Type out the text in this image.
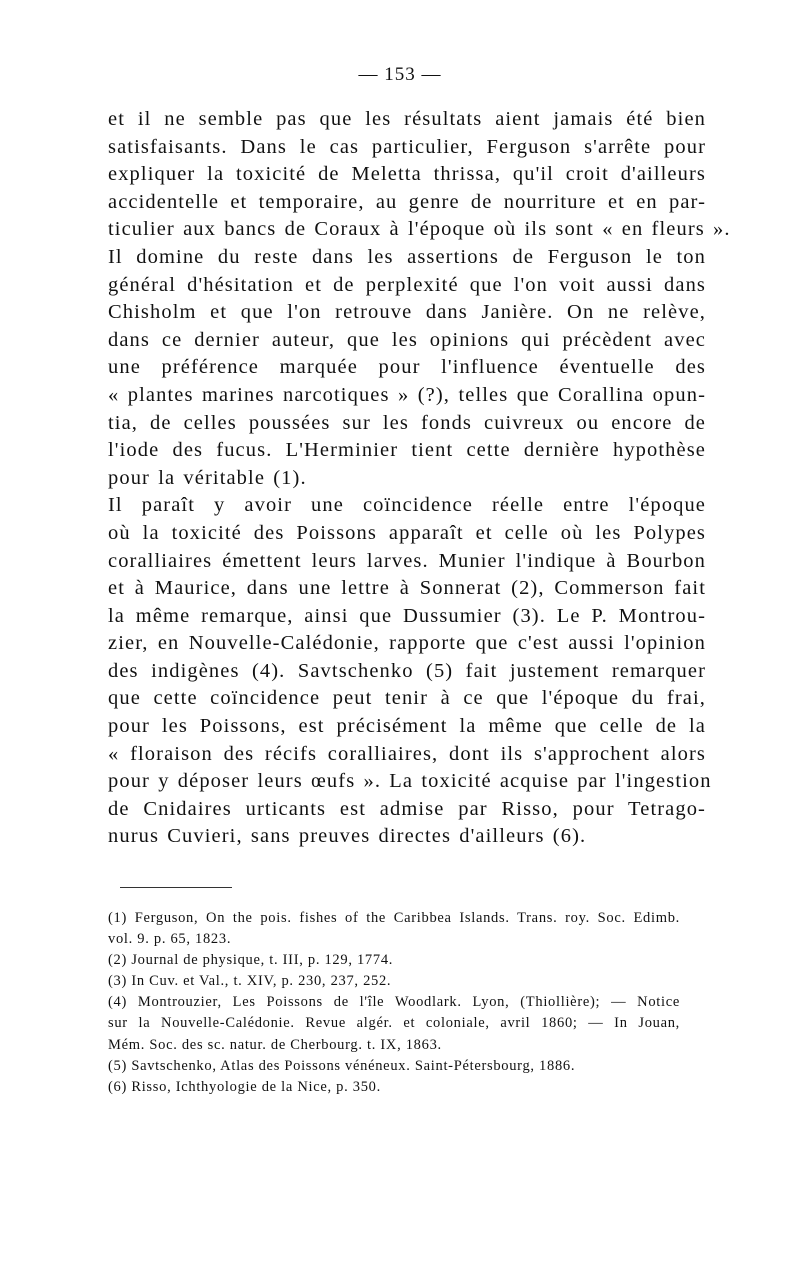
— 153 —
et il ne semble pas que les résultats aient jamais été bien
satisfaisants. Dans le cas particulier, Ferguson s'arrête pour
expliquer la toxicité de Meletta thrissa, qu'il croit d'ailleurs
accidentelle et temporaire, au genre de nourriture et en par-
ticulier aux bancs de Coraux à l'époque où ils sont « en fleurs ».
Il domine du reste dans les assertions de Ferguson le ton
général d'hésitation et de perplexité que l'on voit aussi dans
Chisholm et que l'on retrouve dans Janière. On ne relève,
dans ce dernier auteur, que les opinions qui précèdent avec
une préférence marquée pour l'influence éventuelle des
« plantes marines narcotiques » (?), telles que Corallina opun-
tia, de celles poussées sur les fonds cuivreux ou encore de
l'iode des fucus. L'Herminier tient cette dernière hypothèse
pour la véritable (1).
Il paraît y avoir une coïncidence réelle entre l'époque
où la toxicité des Poissons apparaît et celle où les Polypes
coralliaires émettent leurs larves. Munier l'indique à Bourbon
et à Maurice, dans une lettre à Sonnerat (2), Commerson fait
la même remarque, ainsi que Dussumier (3). Le P. Montrou-
zier, en Nouvelle-Calédonie, rapporte que c'est aussi l'opinion
des indigènes (4). Savtschenko (5) fait justement remarquer
que cette coïncidence peut tenir à ce que l'époque du frai,
pour les Poissons, est précisément la même que celle de la
« floraison des récifs coralliaires, dont ils s'approchent alors
pour y déposer leurs œufs ». La toxicité acquise par l'ingestion
de Cnidaires urticants est admise par Risso, pour Tetrago-
nurus Cuvieri, sans preuves directes d'ailleurs (6).
(1) Ferguson, On the pois. fishes of the Caribbea Islands. Trans. roy. Soc. Edimb.
vol. 9. p. 65, 1823.
(2) Journal de physique, t. III, p. 129, 1774.
(3) In Cuv. et Val., t. XIV, p. 230, 237, 252.
(4) Montrouzier, Les Poissons de l'île Woodlark. Lyon, (Thiollière); — Notice
sur la Nouvelle-Calédonie. Revue algér. et coloniale, avril 1860; — In Jouan,
Mém. Soc. des sc. natur. de Cherbourg. t. IX, 1863.
(5) Savtschenko, Atlas des Poissons vénéneux. Saint-Pétersbourg, 1886.
(6) Risso, Ichthyologie de la Nice, p. 350.
